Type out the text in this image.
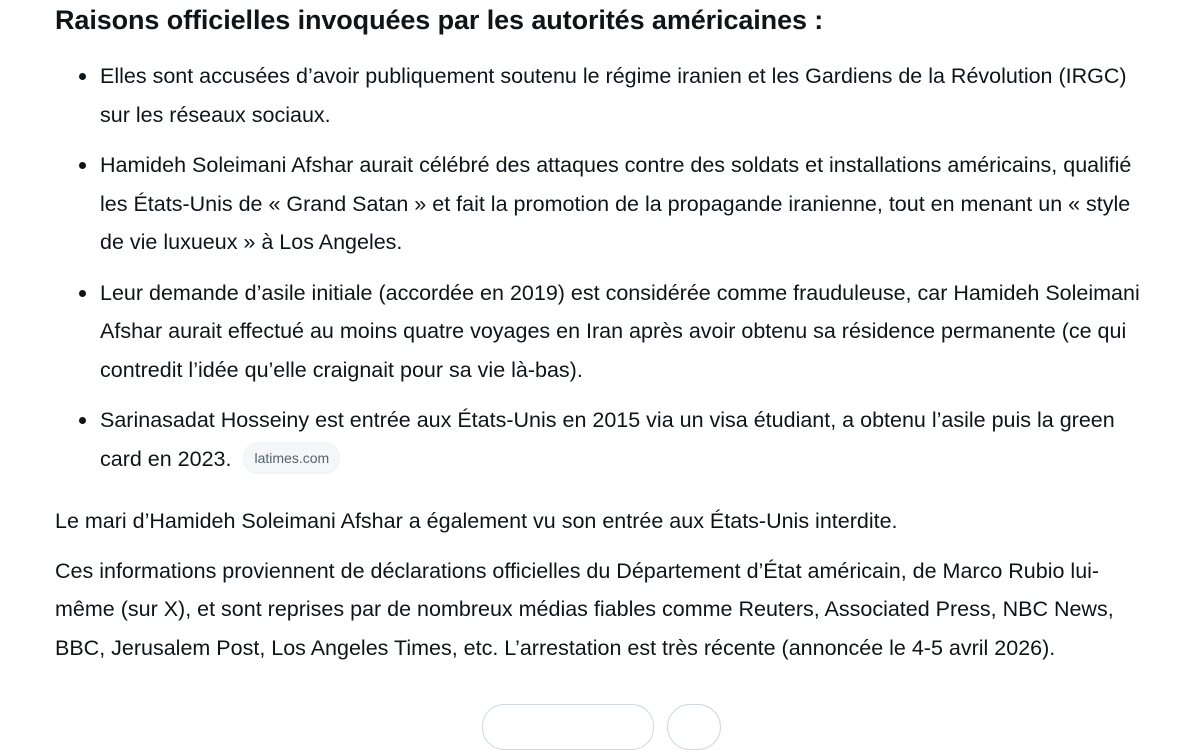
Raisons officielles invoquées par les autorités américaines :
Elles sont accusées d’avoir publiquement soutenu le régime iranien et les Gardiens de la Révolution (IRGC) sur les réseaux sociaux.
Hamideh Soleimani Afshar aurait célébré des attaques contre des soldats et installations américains, qualifié les États-Unis de « Grand Satan » et fait la promotion de la propagande iranienne, tout en menant un « style de vie luxueux » à Los Angeles.
Leur demande d’asile initiale (accordée en 2019) est considérée comme frauduleuse, car Hamideh Soleimani Afshar aurait effectué au moins quatre voyages en Iran après avoir obtenu sa résidence permanente (ce qui contredit l’idée qu’elle craignait pour sa vie là-bas).
Sarinasadat Hosseiny est entrée aux États-Unis en 2015 via un visa étudiant, a obtenu l’asile puis la green card en 2023. latimes.com

Le mari d’Hamideh Soleimani Afshar a également vu son entrée aux États-Unis interdite.

Ces informations proviennent de déclarations officielles du Département d’État américain, de Marco Rubio lui-même (sur X), et sont reprises par de nombreux médias fiables comme Reuters, Associated Press, NBC News, BBC, Jerusalem Post, Los Angeles Times, etc. L’arrestation est très récente (annoncée le 4-5 avril 2026).
